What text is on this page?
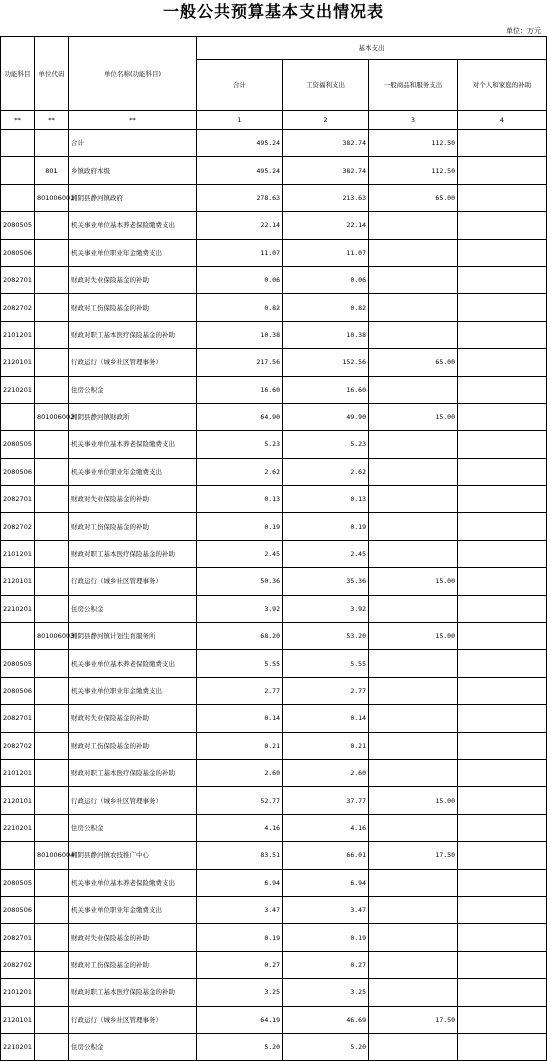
一般公共预算基本支出情况表
单位：万元
功能科目	单位代码	单位名称(功能科目)	基本支出			
			合计	工资福利支出	一般商品和服务支出	对个人和家庭的补助
**	**	**	1	2	3	4
		合计	495.24	382.74	112.50	
	801	乡镇政府本级	495.24	382.74	112.50	
	801006001	湘阴县静河镇政府	278.63	213.63	65.00	
2080505		机关事业单位基本养老保险缴费支出	22.14	22.14		
2080506		机关事业单位职业年金缴费支出	11.07	11.07		
2082701		财政对失业保险基金的补助	0.06	0.06		
2082702		财政对工伤保险基金的补助	0.82	0.82		
2101201		财政对职工基本医疗保险基金的补助	10.38	10.38		
2120101		行政运行（城乡社区管理事务）	217.56	152.56	65.00	
2210201		住房公积金	16.60	16.60		
	801006002	湘阴县静河镇财政所	64.90	49.90	15.00	
2080505		机关事业单位基本养老保险缴费支出	5.23	5.23		
2080506		机关事业单位职业年金缴费支出	2.62	2.62		
2082701		财政对失业保险基金的补助	0.13	0.13		
2082702		财政对工伤保险基金的补助	0.19	0.19		
2101201		财政对职工基本医疗保险基金的补助	2.45	2.45		
2120101		行政运行（城乡社区管理事务）	50.36	35.36	15.00	
2210201		住房公积金	3.92	3.92		
	801006003	湘阴县静河镇计划生育服务所	68.20	53.20	15.00	
2080505		机关事业单位基本养老保险缴费支出	5.55	5.55		
2080506		机关事业单位职业年金缴费支出	2.77	2.77		
2082701		财政对失业保险基金的补助	0.14	0.14		
2082702		财政对工伤保险基金的补助	0.21	0.21		
2101201		财政对职工基本医疗保险基金的补助	2.60	2.60		
2120101		行政运行（城乡社区管理事务）	52.77	37.77	15.00	
2210201		住房公积金	4.16	4.16		
	801006004	湘阴县静河镇农技推广中心	83.51	66.01	17.50	
2080505		机关事业单位基本养老保险缴费支出	6.94	6.94		
2080506		机关事业单位职业年金缴费支出	3.47	3.47		
2082701		财政对失业保险基金的补助	0.19	0.19		
2082702		财政对工伤保险基金的补助	0.27	0.27		
2101201		财政对职工基本医疗保险基金的补助	3.25	3.25		
2120101		行政运行（城乡社区管理事务）	64.19	46.69	17.50	
2210201		住房公积金	5.20	5.20		
